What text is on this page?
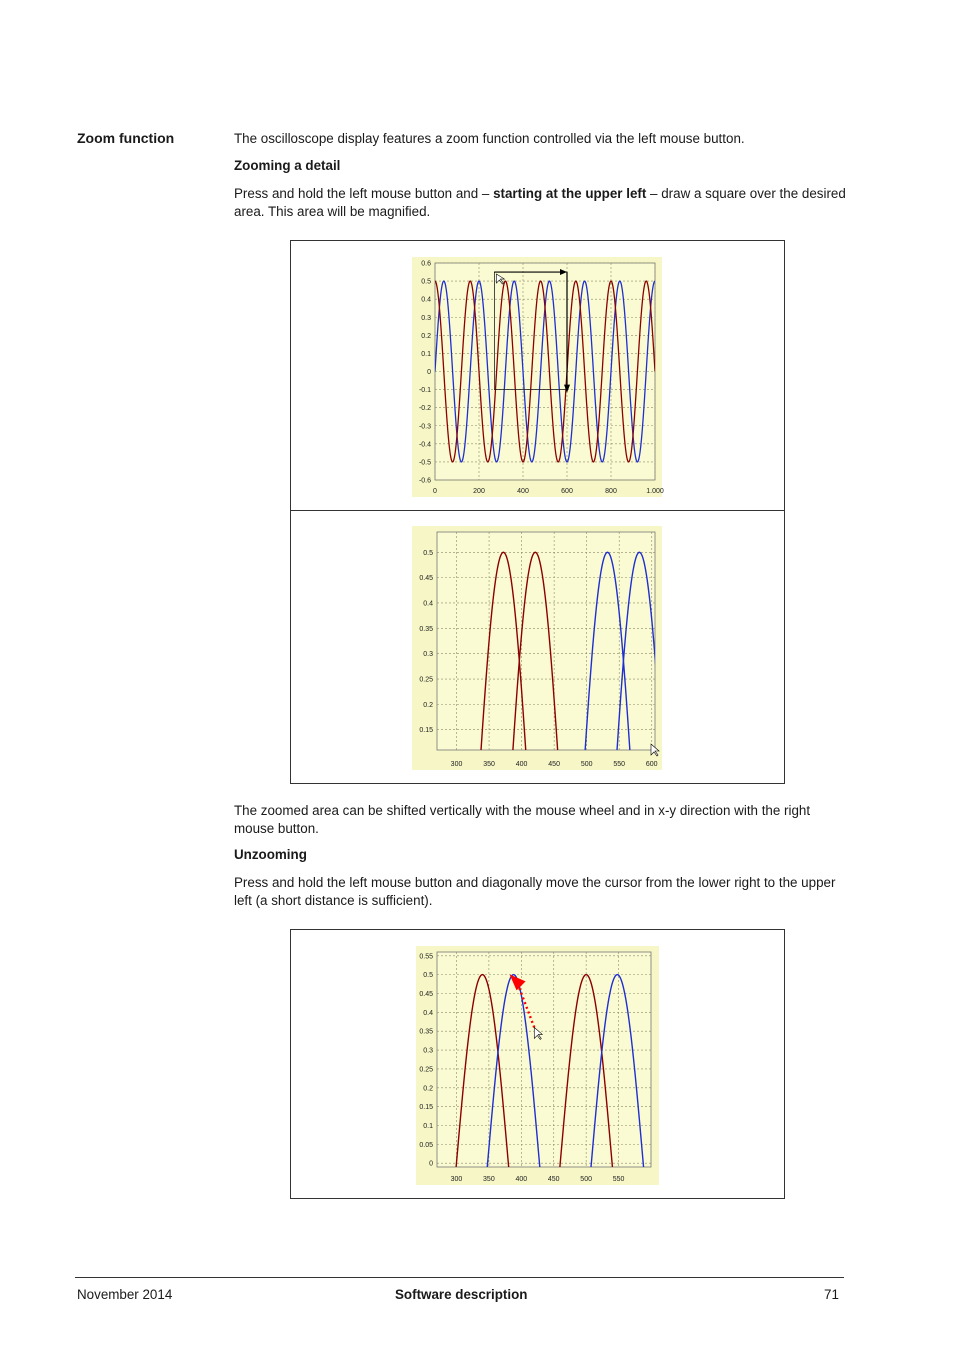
Zoom function	The oscilloscope display features a zoom function controlled via the left mouse button.
Zooming a detail
Press and hold the left mouse button and – starting at the upper left – draw a square over the desired area. This area will be magnified.
0	200	400	600	800	1.000
0.6
0.5
0.4
0.3
0.2
0.1
0
-0.1
-0.2
-0.3
-0.4
-0.5
-0.6
300	350	400	450	500	550	600
0.5
0.45
0.4
0.35
0.3
0.25
0.2
0.15
The zoomed area can be shifted vertically with the mouse wheel and in x-y direction with the right mouse button.
Unzooming
Press and hold the left mouse button and diagonally move the cursor from the lower right to the upper left (a short distance is sufficient).
300	350	400	450	500	550
0.55
0.5
0.45
0.4
0.35
0.3
0.25
0.2
0.15
0.1
0.05
0
November 2014	Software description	71
